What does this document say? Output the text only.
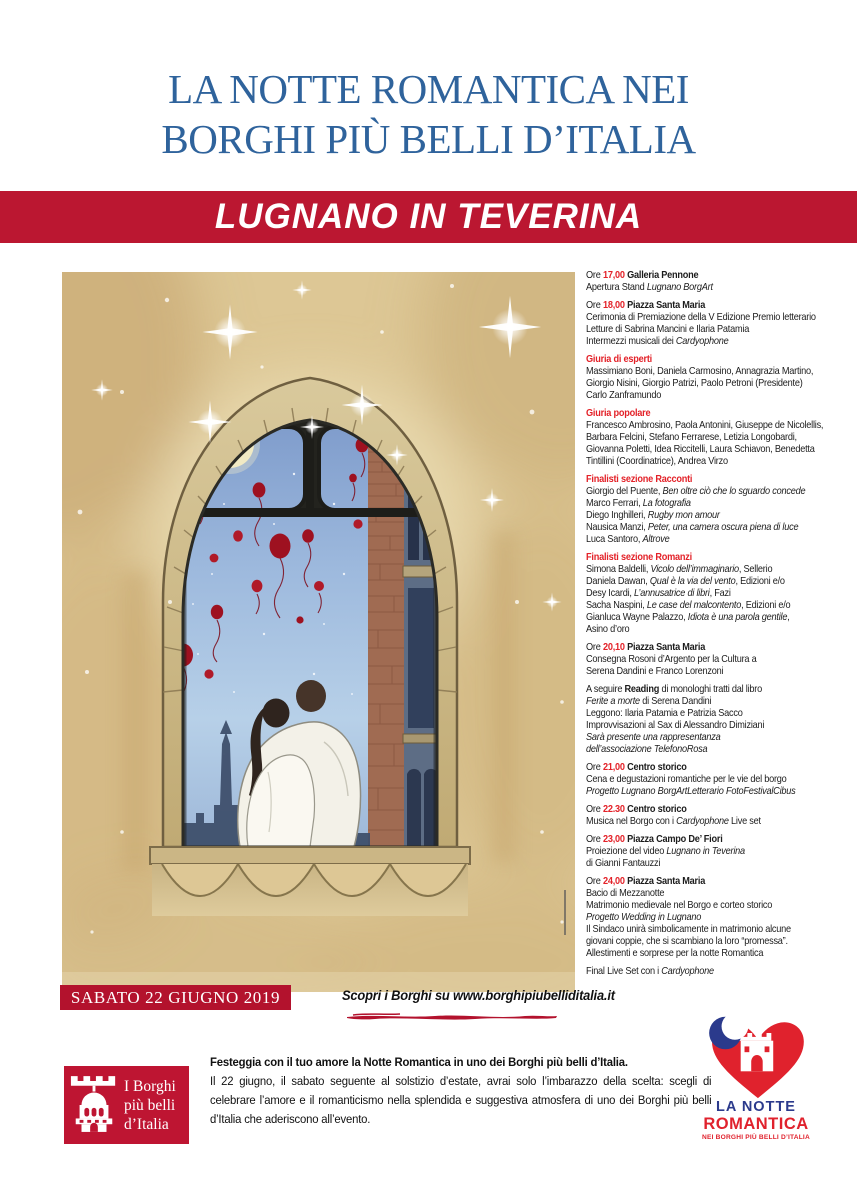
LA NOTTE ROMANTICA NEI
BORGHI PIÙ BELLI D’ITALIA
LUGNANO IN TEVERINA
Ore 17,00 Galleria Pennone
Apertura Stand Lugnano BorgArt
Ore 18,00 Piazza Santa Maria
Cerimonia di Premiazione della V Edizione Premio letterario
Letture di Sabrina Mancini e Ilaria Patamia
Intermezzi musicali dei Cardyophone
Giuria di esperti
Massimiano Boni, Daniela Carmosino, Annagrazia Martino,
Giorgio Nisini, Giorgio Patrizi, Paolo Petroni (Presidente)
Carlo Zanframundo
Giuria popolare
Francesco Ambrosino, Paola Antonini, Giuseppe de Nicolellis,
Barbara Felcini, Stefano Ferrarese, Letizia Longobardi,
Giovanna Poletti, Idea Riccitelli, Laura Schiavon, Benedetta
Tintillini (Coordinatrice), Andrea Virzo
Finalisti sezione Racconti
Giorgio del Puente, Ben oltre ciò che lo sguardo concede
Marco Ferrari, La fotografia
Diego Inghilleri, Rugby mon amour
Nausica Manzi, Peter, una camera oscura piena di luce
Luca Santoro, Altrove
Finalisti sezione Romanzi
Simona Baldelli, Vicolo dell’immaginario, Sellerio
Daniela Dawan, Qual è la via del vento, Edizioni e/o
Desy Icardi, L’annusatrice di libri, Fazi
Sacha Naspini, Le case del malcontento, Edizioni e/o
Gianluca Wayne Palazzo, Idiota è una parola gentile,
Asino d’oro
Ore 20,10 Piazza Santa Maria
Consegna Rosoni d’Argento per la Cultura a
Serena Dandini e Franco Lorenzoni
A seguire Reading di monologhi tratti dal libro
Ferite a morte di Serena Dandini
Leggono: Ilaria Patamia e Patrizia Sacco
Improvvisazioni al Sax di Alessandro Dimiziani
Sarà presente una rappresentanza
dell’associazione TelefonoRosa
Ore 21,00 Centro storico
Cena e degustazioni romantiche per le vie del borgo
Progetto Lugnano BorgArtLetterario FotoFestivalCibus
Ore 22.30 Centro storico
Musica nel Borgo con i Cardyophone Live set
Ore 23,00 Piazza Campo De’ Fiori
Proiezione del video Lugnano in Teverina
di Gianni Fantauzzi
Ore 24,00 Piazza Santa Maria
Bacio di Mezzanotte
Matrimonio medievale nel Borgo e corteo storico
Progetto Wedding in Lugnano
Il Sindaco unirà simbolicamente in matrimonio alcune
giovani coppie, che si scambiano la loro “promessa”.
Allestimenti e sorprese per la notte Romantica
Final Live Set con i Cardyophone
SABATO 22 GIUGNO 2019	Scopri i Borghi su www.borghipiubelliditalia.it
I Borghi
più belli
d’Italia

Festeggia con il tuo amore la Notte Romantica in uno dei Borghi più belli d’Italia.
Il 22 giugno, il sabato seguente al solstizio d’estate, avrai solo l’imbarazzo della scelta: scegli di celebrare l’amore e il romanticismo nella splendida e suggestiva atmosfera di uno dei Borghi più belli d’Italia che aderiscono all’evento.

LA NOTTE
ROMANTICA
NEI BORGHI PIÙ BELLI D’ITALIA
